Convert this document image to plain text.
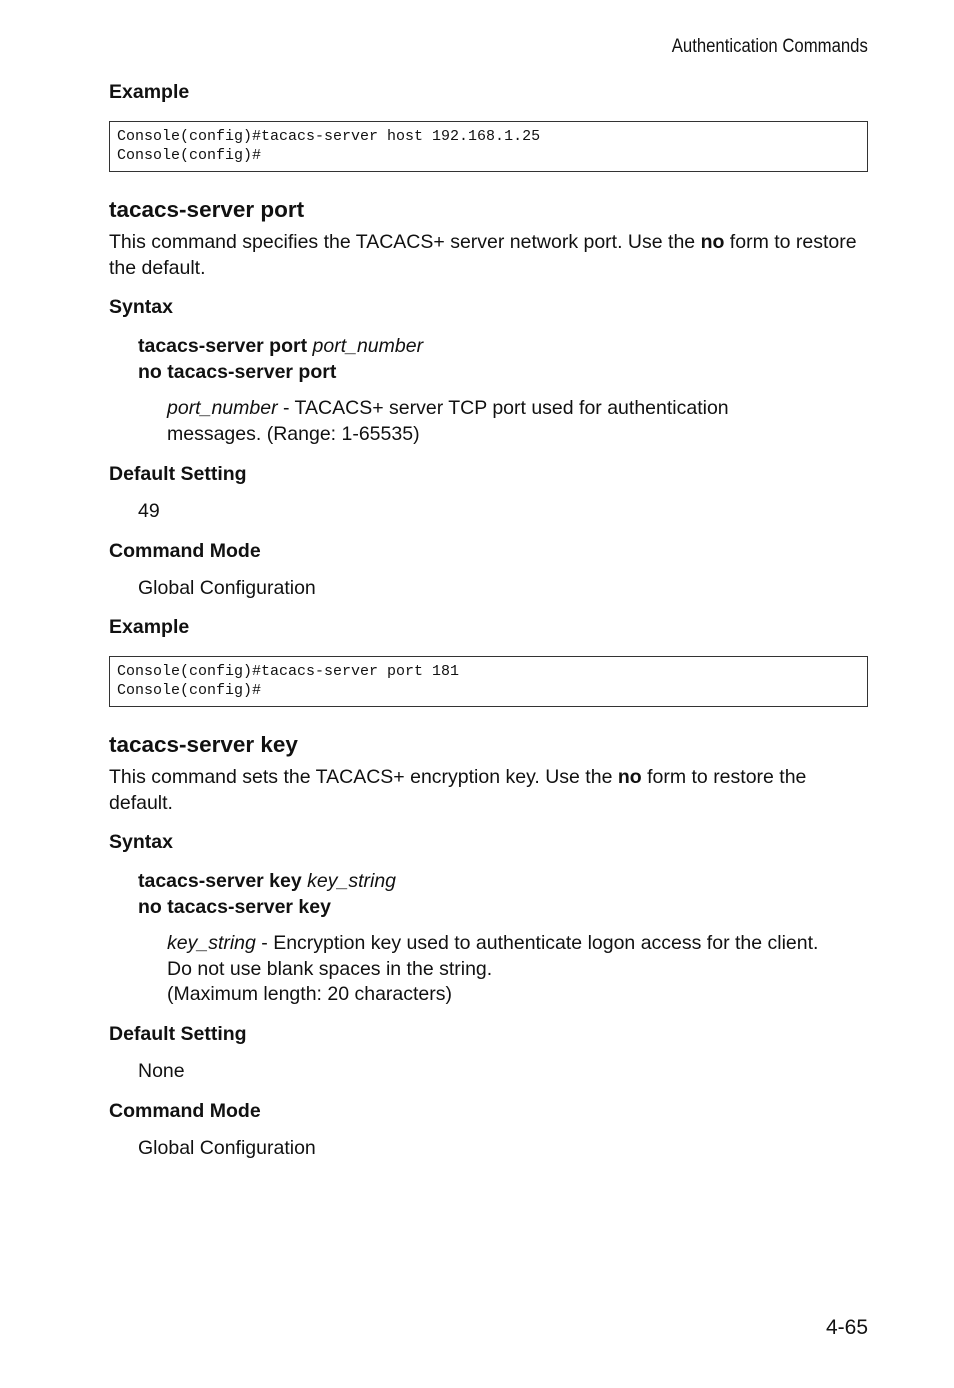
Authentication Commands

Example

Console(config)#tacacs-server host 192.168.1.25
Console(config)#

tacacs-server port

This command specifies the TACACS+ server network port. Use the no form to restore the default.

Syntax

tacacs-server port port_number

no tacacs-server port

port_number - TACACS+ server TCP port used for authentication messages. (Range: 1-65535)

Default Setting

49

Command Mode

Global Configuration

Example

Console(config)#tacacs-server port 181
Console(config)#

tacacs-server key

This command sets the TACACS+ encryption key. Use the no form to restore the default.

Syntax

tacacs-server key key_string

no tacacs-server key

key_string - Encryption key used to authenticate logon access for the client. Do not use blank spaces in the string.

(Maximum length: 20 characters)

Default Setting

None

Command Mode

Global Configuration

4-65
